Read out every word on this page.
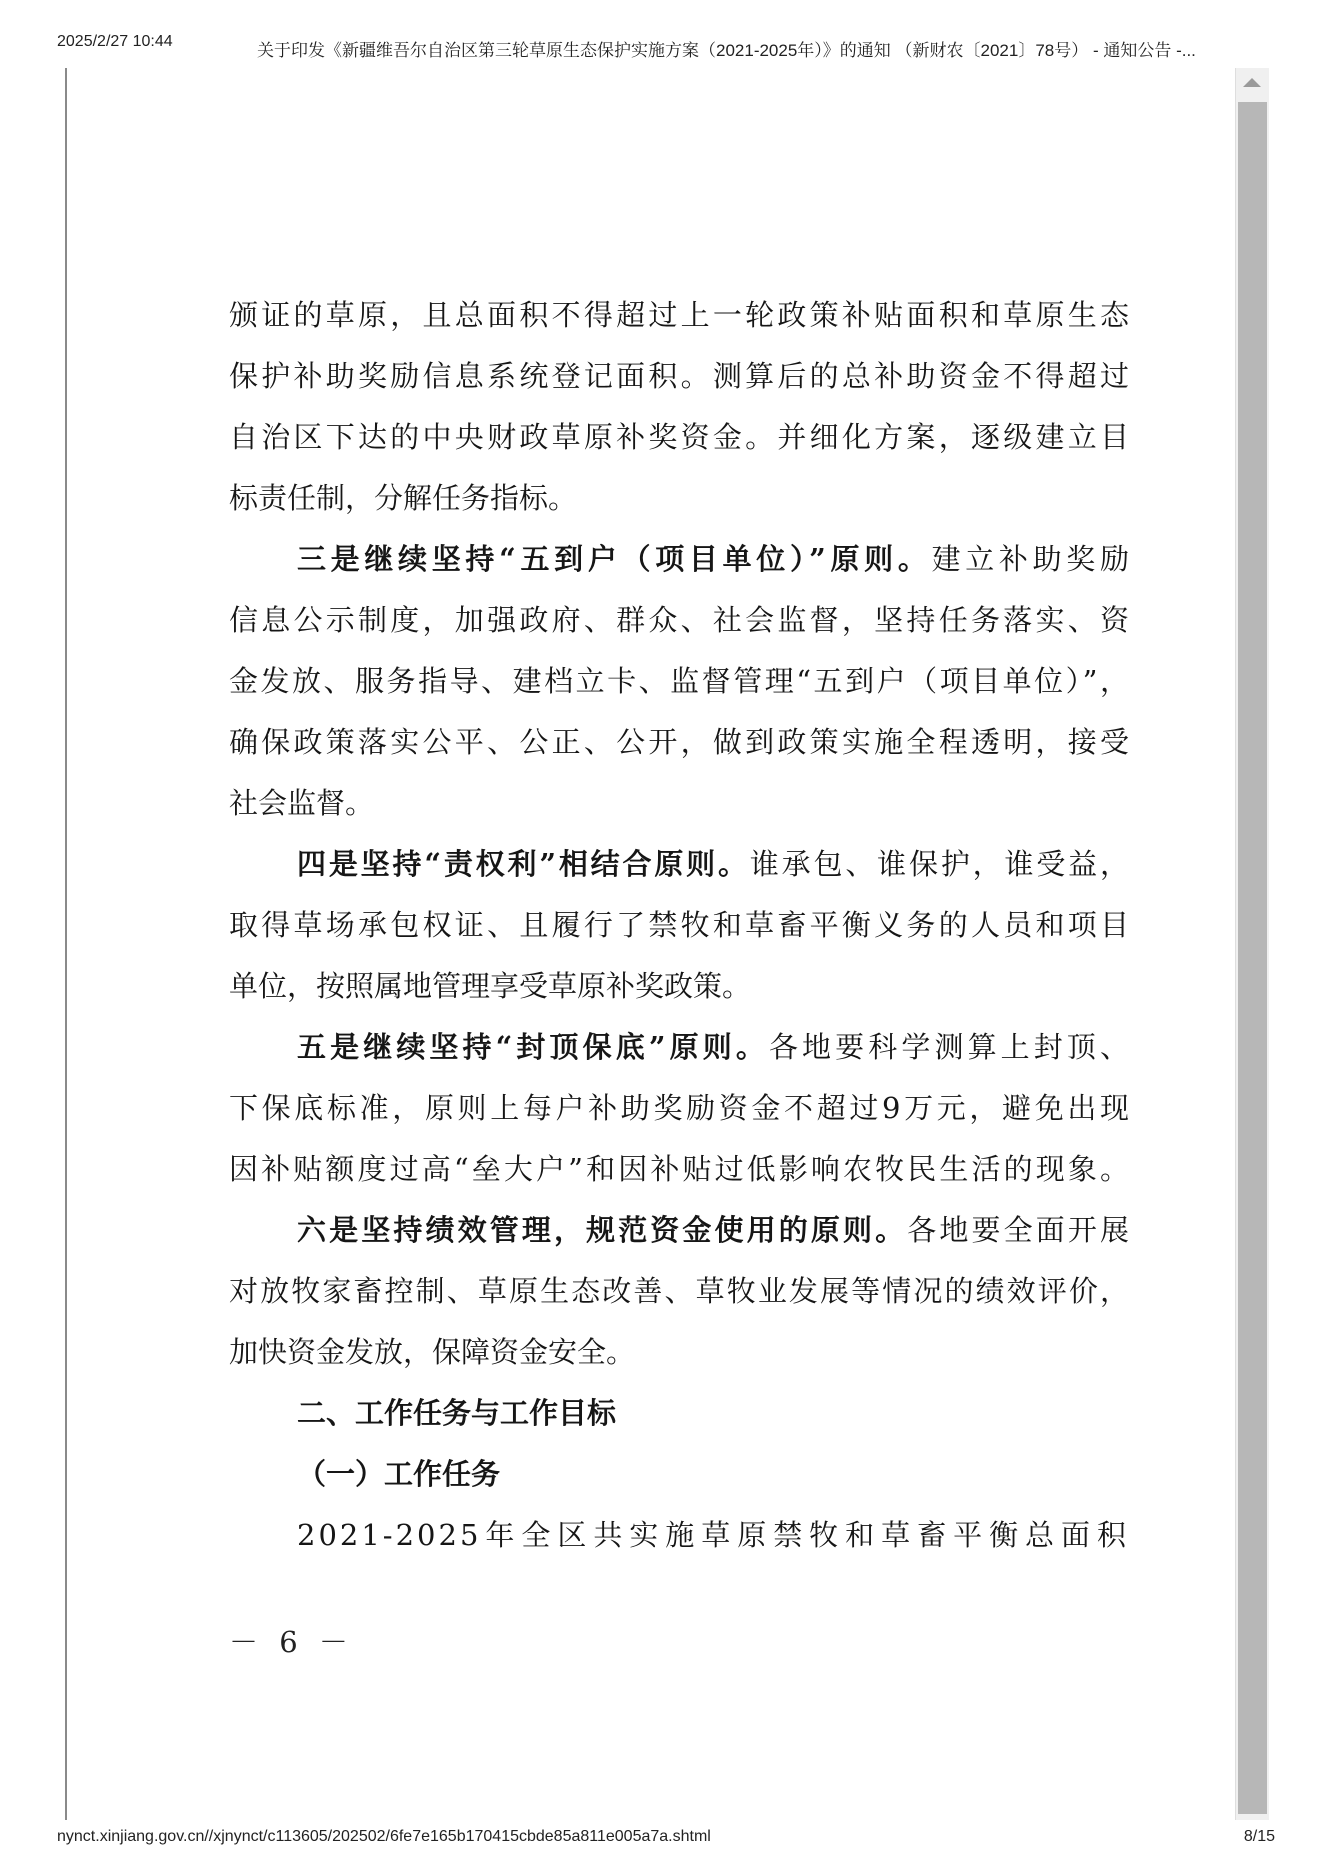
2025/2/27 10:44	关于印发《新疆维吾尔自治区第三轮草原生态保护实施方案（2021-2025年）》的通知 （新财农〔2021〕78号） - 通知公告 -...
颁证的草原，且总面积不得超过上一轮政策补贴面积和草原生态
保护补助奖励信息系统登记面积。测算后的总补助资金不得超过
自治区下达的中央财政草原补奖资金。并细化方案，逐级建立目
标责任制，分解任务指标。
三是继续坚持“五到户（项目单位）”原则。建立补助奖励
信息公示制度，加强政府、群众、社会监督，坚持任务落实、资
金发放、服务指导、建档立卡、监督管理“五到户（项目单位）”，
确保政策落实公平、公正、公开，做到政策实施全程透明，接受
社会监督。
四是坚持“责权利”相结合原则。谁承包、谁保护，谁受益，
取得草场承包权证、且履行了禁牧和草畜平衡义务的人员和项目
单位，按照属地管理享受草原补奖政策。
五是继续坚持“封顶保底”原则。各地要科学测算上封顶、
下保底标准，原则上每户补助奖励资金不超过9万元，避免出现
因补贴额度过高“垒大户”和因补贴过低影响农牧民生活的现象。
六是坚持绩效管理，规范资金使用的原则。各地要全面开展
对放牧家畜控制、草原生态改善、草牧业发展等情况的绩效评价，
加快资金发放，保障资金安全。
二、工作任务与工作目标
（一）工作任务
2021-2025年全区共实施草原禁牧和草畜平衡总面积
－ 6 －
nynct.xinjiang.gov.cn//xjnynct/c113605/202502/6fe7e165b170415cbde85a811e005a7a.shtml	8/15
